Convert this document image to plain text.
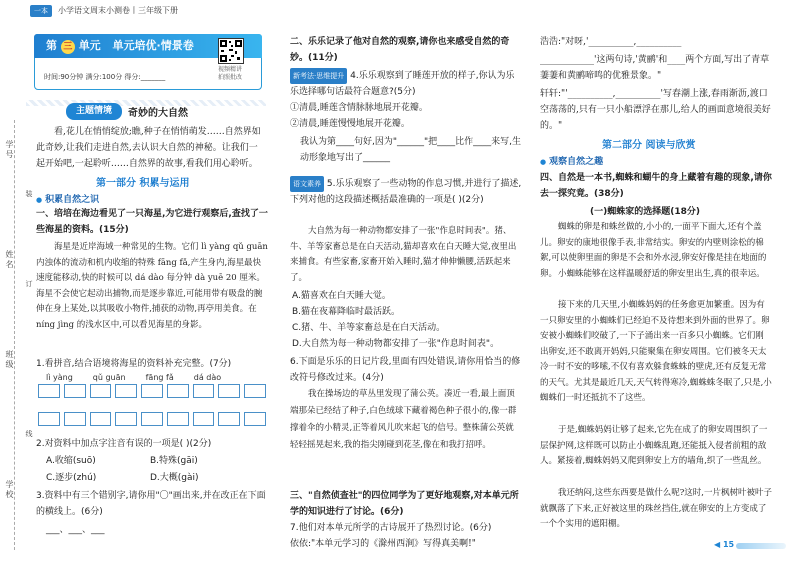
一本	小学语文周末小测卷丨三年级下册
学号
姓名
班级
学校
装
订
线
第 三 单元 单元培优·情景卷
时间:90分钟 满分:100分 得分:_______
视频精讲
拍照批改
主题情境	奇妙的大自然
看,花儿在悄悄绽放;瞧,种子在悄悄萌发……自然界如此奇妙,让我们走进自然,去认识大自然的神秘。让我们一起开始吧,一起聆听……自然界的故事,看我们用心聆听。
第一部分 积累与运用
● 积累自然之识
一、培培在海边看见了一只海星,为它进行观察后,查找了一些海星的资料。(15分)
海星是近岸海域一种常见的生物。它们 lì yàng qǔ guān 内浊体的流动和机内收缩的特殊 fāng fǎ,产生身内,海星最快速度能移动,快的时候可以 dá dào 每分钟 dà yuē 20 厘米。海星不会使它起动出捕物,而是逐步靠近,可能用带有吸盘的腕伸在身上某处,以其吸收小物件,捕获的动物,再亭用美食。在 níng jìng 的浅水区中,可以看见海星的身影。
1.看拼音,结合语境将海星的资料补充完整。(7分)
lì yàng	qǔ guān	fāng fǎ	dá dào
2.对资料中加点字注音有误的一项是( )(2分)
A.收缩(suō)	B.特殊(gāi)
C.逐步(zhú)	D.大概(gài)
3.资料中有三个错别字,请你用"〇"画出来,并在改正在下面的横线上。(6分)
___、___、___
二、乐乐记录了他对自然的观察,请你也来感受自然的奇妙。(11分)
新考法·思维提升 4.乐乐观察到了睡莲开放的样子,你认为乐乐选择哪句话最符合题意?(5分)
①清晨,睡莲含情脉脉地展开花瓣。
②清晨,睡莲慢慢地展开花瓣。
我认为第____句好,因为"______"把____比作____来写,生动形象地写出了______
语文素养 5.乐乐观察了一些动物的作息习惯,并进行了描述,下列对他的这段描述概括最准确的一项是( )(2分)
大自然为每一种动物都安排了一张"作息时间表"。猪、牛、羊等家畜总是在白天活动,猫却喜欢在白天睡大觉,夜里出来捕食。有些家畜,家畜开始入睡时,猫才伸伸懒腰,活跃起来了。
A.猫喜欢在白天睡大觉。
B.猫在夜幕降临时最活跃。
C.猪、牛、羊等家畜总是在白天活动。
D.大自然为每一种动物都安排了一张"作息时间表"。
6.下面是乐乐的日记片段,里面有四处错误,请你用恰当的修改符号修改过来。(4分)
我在操场边的草丛里发现了蒲公英。凑近一看,最上面顶端那朵已经结了种子,白色绒球下藏着褐色种子很小的,像一群撑着伞的小精灵,正等着风儿吹来起飞的信号。整株蒲公英就轻轻摇晃起来,我的指尖刚碰到花茎,像在和我打招呼。
三、"自然侦查社"的四位同学为了更好地观察,对本单元所学的知识进行了讨论。(6分)
7.他们对本单元所学的古诗展开了热烈讨论。(6分)
依依:"本单元学习的《滁州西涧》写得真美啊!"
浩浩:"对呀,'__________,__________
____________'这两句诗,'黄鹂'和____两个方面,写出了青草萋萋和黄鹂啼鸣的优雅景象。"
轩轩:"'__________,__________'写春潮上涨,春雨渐沥,渡口空荡荡的,只有一只小船漂浮在那儿,给人的画面意境很美好的。"
第二部分 阅读与欣赏
● 观察自然之趣
四、自然是一本书,蜘蛛和蝴牛的身上藏着有趣的现象,请你去一探究竟。(38分)
(一)蜘蛛家的选择题(18分)
蜘蛛的卵是和蛛丝做的,小小的,一面平下面大,还有个盖儿。卵安的康地很像手表,非常结实。卵安的内壁则涂松的棉絮,可以使卵里面的卵是不会和外水浸,卵安好像是挂在地面的卵。 小蜘蛛能够在这样温暖舒适的卵安里出生,真的很幸运。
接下来的几天里,小蜘蛛妈妈的任务愈更加繁重。因为有一只卵安里的小蜘蛛们已经迫不及待想来到外面的世界了。卵安被小蜘蛛们咬破了,一下子涌出来一百多只小蜘蛛。它们刚出卵安,还不敢离开妈妈,只能聚集在卵安周围。它们被冬天太冷一时不安的哆嗦,不仅有喜欢躲食蛛蛛的壁虎,还有反复无常的天气。尤其是最近几天,天气转得寒冷,蜘蛛蛛冬眠了,只是,小蜘蛛们一时还抵抗不了这些。
于是,蜘蛛妈妈让够了起来,它先在成了的卵安周围织了一层保护网,这样既可以防止小蜘蛛乱跑,还能抵入侵者前粗的敌人。紧接着,蜘蛛妈妈又爬到卵安上方的墙角,织了一些乱丝。
我还纳闷,这些东西要是做什么呢?这时,一片枫树叶被叶子就飘落了下来,正好被这里的珠丝挡住,就在卵安的上方变成了一个个实用的遮阳棚。
◀ 15
